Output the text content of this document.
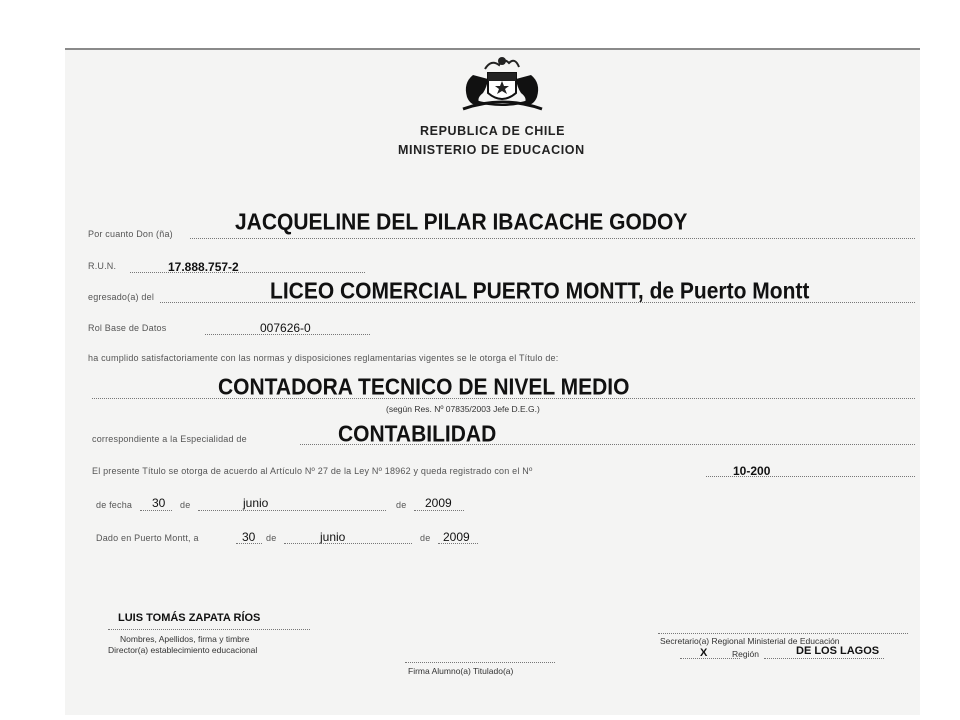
REPUBLICA DE CHILE
MINISTERIO DE EDUCACION
Por cuanto Don (ña)	JACQUELINE DEL PILAR IBACACHE GODOY
R.U.N.	17.888.757-2
egresado(a) del	LICEO COMERCIAL PUERTO MONTT, de Puerto Montt
Rol Base de Datos	007626-0
ha cumplido satisfactoriamente con las normas y disposiciones reglamentarias vigentes se le otorga el Título de:
CONTADORA TECNICO DE NIVEL MEDIO
(según Res. Nº 07835/2003 Jefe D.E.G.)
correspondiente a la Especialidad de	CONTABILIDAD
El presente Título se otorga de acuerdo al Artículo Nº 27 de la Ley Nº 18962 y queda registrado con el Nº	10-200
de fecha 30 de	junio	de 2009
Dado en Puerto Montt, a	30 de	junio	de 2009
LUIS TOMÁS ZAPATA RÍOS
Nombres, Apellidos, firma y timbre
Director(a) establecimiento educacional
Firma Alumno(a) Titulado(a)
Secretario(a) Regional Ministerial de Educación
X	Región	DE LOS LAGOS
